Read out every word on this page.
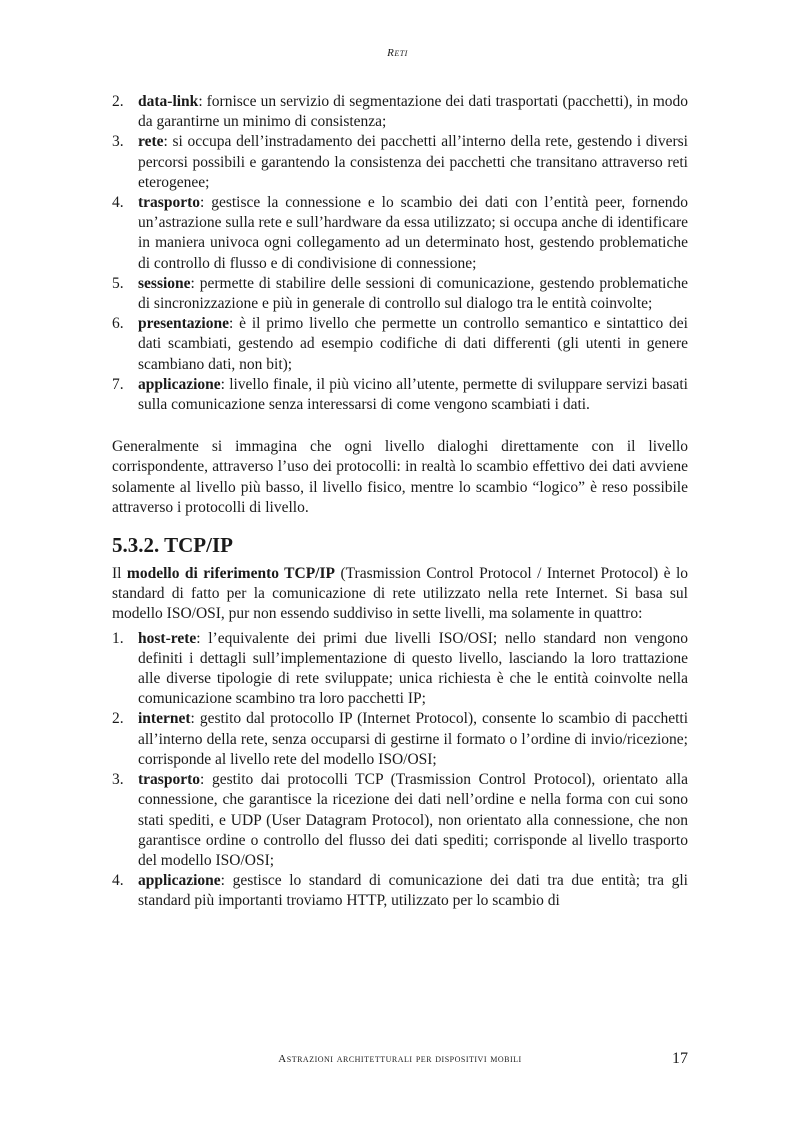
Reti
2. data-link: fornisce un servizio di segmentazione dei dati trasportati (pacchetti), in modo da garantirne un minimo di consistenza;
3. rete: si occupa dell’instradamento dei pacchetti all’interno della rete, gestendo i diversi percorsi possibili e garantendo la consistenza dei pacchetti che transitano attraverso reti eterogenee;
4. trasporto: gestisce la connessione e lo scambio dei dati con l’entità peer, fornendo un’astrazione sulla rete e sull’hardware da essa utilizzato; si occupa anche di identificare in maniera univoca ogni collegamento ad un determinato host, gestendo problematiche di controllo di flusso e di condivisione di connessione;
5. sessione: permette di stabilire delle sessioni di comunicazione, gestendo problematiche di sincronizzazione e più in generale di controllo sul dialogo tra le entità coinvolte;
6. presentazione: è il primo livello che permette un controllo semantico e sintattico dei dati scambiati, gestendo ad esempio codifiche di dati differenti (gli utenti in genere scambiano dati, non bit);
7. applicazione: livello finale, il più vicino all’utente, permette di sviluppare servizi basati sulla comunicazione senza interessarsi di come vengono scambiati i dati.

Generalmente si immagina che ogni livello dialoghi direttamente con il livello corrispondente, attraverso l’uso dei protocolli: in realtà lo scambio effettivo dei dati avviene solamente al livello più basso, il livello fisico, mentre lo scambio “logico” è reso possibile attraverso i protocolli di livello.

5.3.2. TCP/IP

Il modello di riferimento TCP/IP (Trasmission Control Protocol / Internet Protocol) è lo standard di fatto per la comunicazione di rete utilizzato nella rete Internet. Si basa sul modello ISO/OSI, pur non essendo suddiviso in sette livelli, ma solamente in quattro:

1. host-rete: l’equivalente dei primi due livelli ISO/OSI; nello standard non vengono definiti i dettagli sull’implementazione di questo livello, lasciando la loro trattazione alle diverse tipologie di rete sviluppate; unica richiesta è che le entità coinvolte nella comunicazione scambino tra loro pacchetti IP;
2. internet: gestito dal protocollo IP (Internet Protocol), consente lo scambio di pacchetti all’interno della rete, senza occuparsi di gestirne il formato o l’ordine di invio/ricezione; corrisponde al livello rete del modello ISO/OSI;
3. trasporto: gestito dai protocolli TCP (Trasmission Control Protocol), orientato alla connessione, che garantisce la ricezione dei dati nell’ordine e nella forma con cui sono stati spediti, e UDP (User Datagram Protocol), non orientato alla connessione, che non garantisce ordine o controllo del flusso dei dati spediti; corrisponde al livello trasporto del modello ISO/OSI;
4. applicazione: gestisce lo standard di comunicazione dei dati tra due entità; tra gli standard più importanti troviamo HTTP, utilizzato per lo scambio di
Astrazioni architetturali per dispositivi mobili	17
